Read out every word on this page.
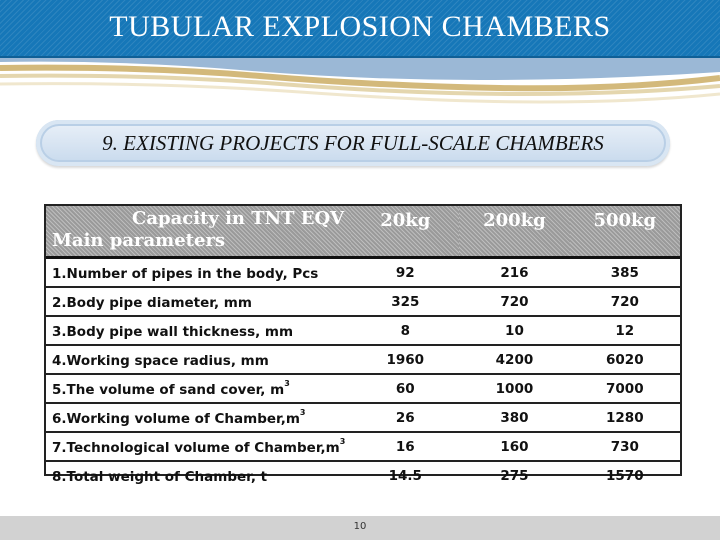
TUBULAR EXPLOSION CHAMBERS
9. EXISTING PROJECTS FOR FULL-SCALE CHAMBERS
Capacity in TNT EQV
Main parameters	20kg	200kg	500kg
1.Number of pipes in the body, Pcs	92	216	385
2.Body pipe diameter, mm	325	720	720
3.Body pipe wall thickness, mm	8	10	12
4.Working space radius, mm	1960	4200	6020
5.The volume of sand cover, $m^3$	60	1000	7000
6.Working volume of $Chamber,m^3$	26	380	1280
7.Technological volume of $Chamber,m^3$	16	160	730
8.Total weight of Chamber, t	14.5	275	1570
10
